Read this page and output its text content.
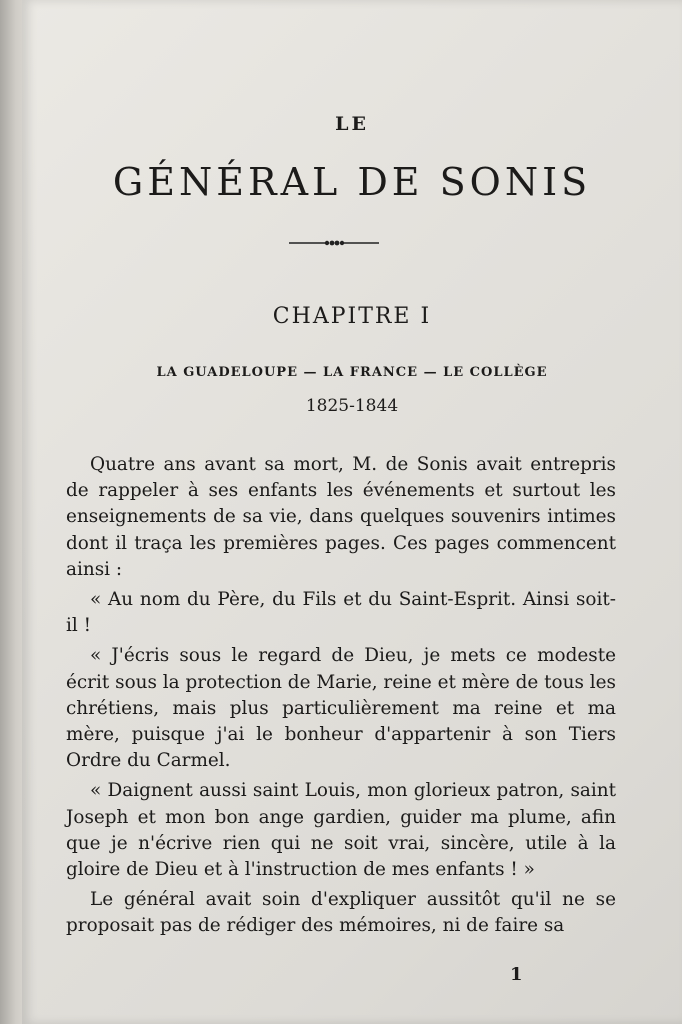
LE
GÉNÉRAL DE SONIS
CHAPITRE I
LA GUADELOUPE — LA FRANCE — LE COLLÈGE
1825-1844

Quatre ans avant sa mort, M. de Sonis avait entrepris de rappeler à ses enfants les événements et surtout les enseignements de sa vie, dans quelques souvenirs intimes dont il traça les premières pages. Ces pages commencent ainsi :

« Au nom du Père, du Fils et du Saint-Esprit. Ainsi soit-il !

« J'écris sous le regard de Dieu, je mets ce modeste écrit sous la protection de Marie, reine et mère de tous les chrétiens, mais plus particulièrement ma reine et ma mère, puisque j'ai le bonheur d'appartenir à son Tiers Ordre du Carmel.

« Daignent aussi saint Louis, mon glorieux patron, saint Joseph et mon bon ange gardien, guider ma plume, afin que je n'écrive rien qui ne soit vrai, sincère, utile à la gloire de Dieu et à l'instruction de mes enfants ! »

Le général avait soin d'expliquer aussitôt qu'il ne se proposait pas de rédiger des mémoires, ni de faire sa

1
